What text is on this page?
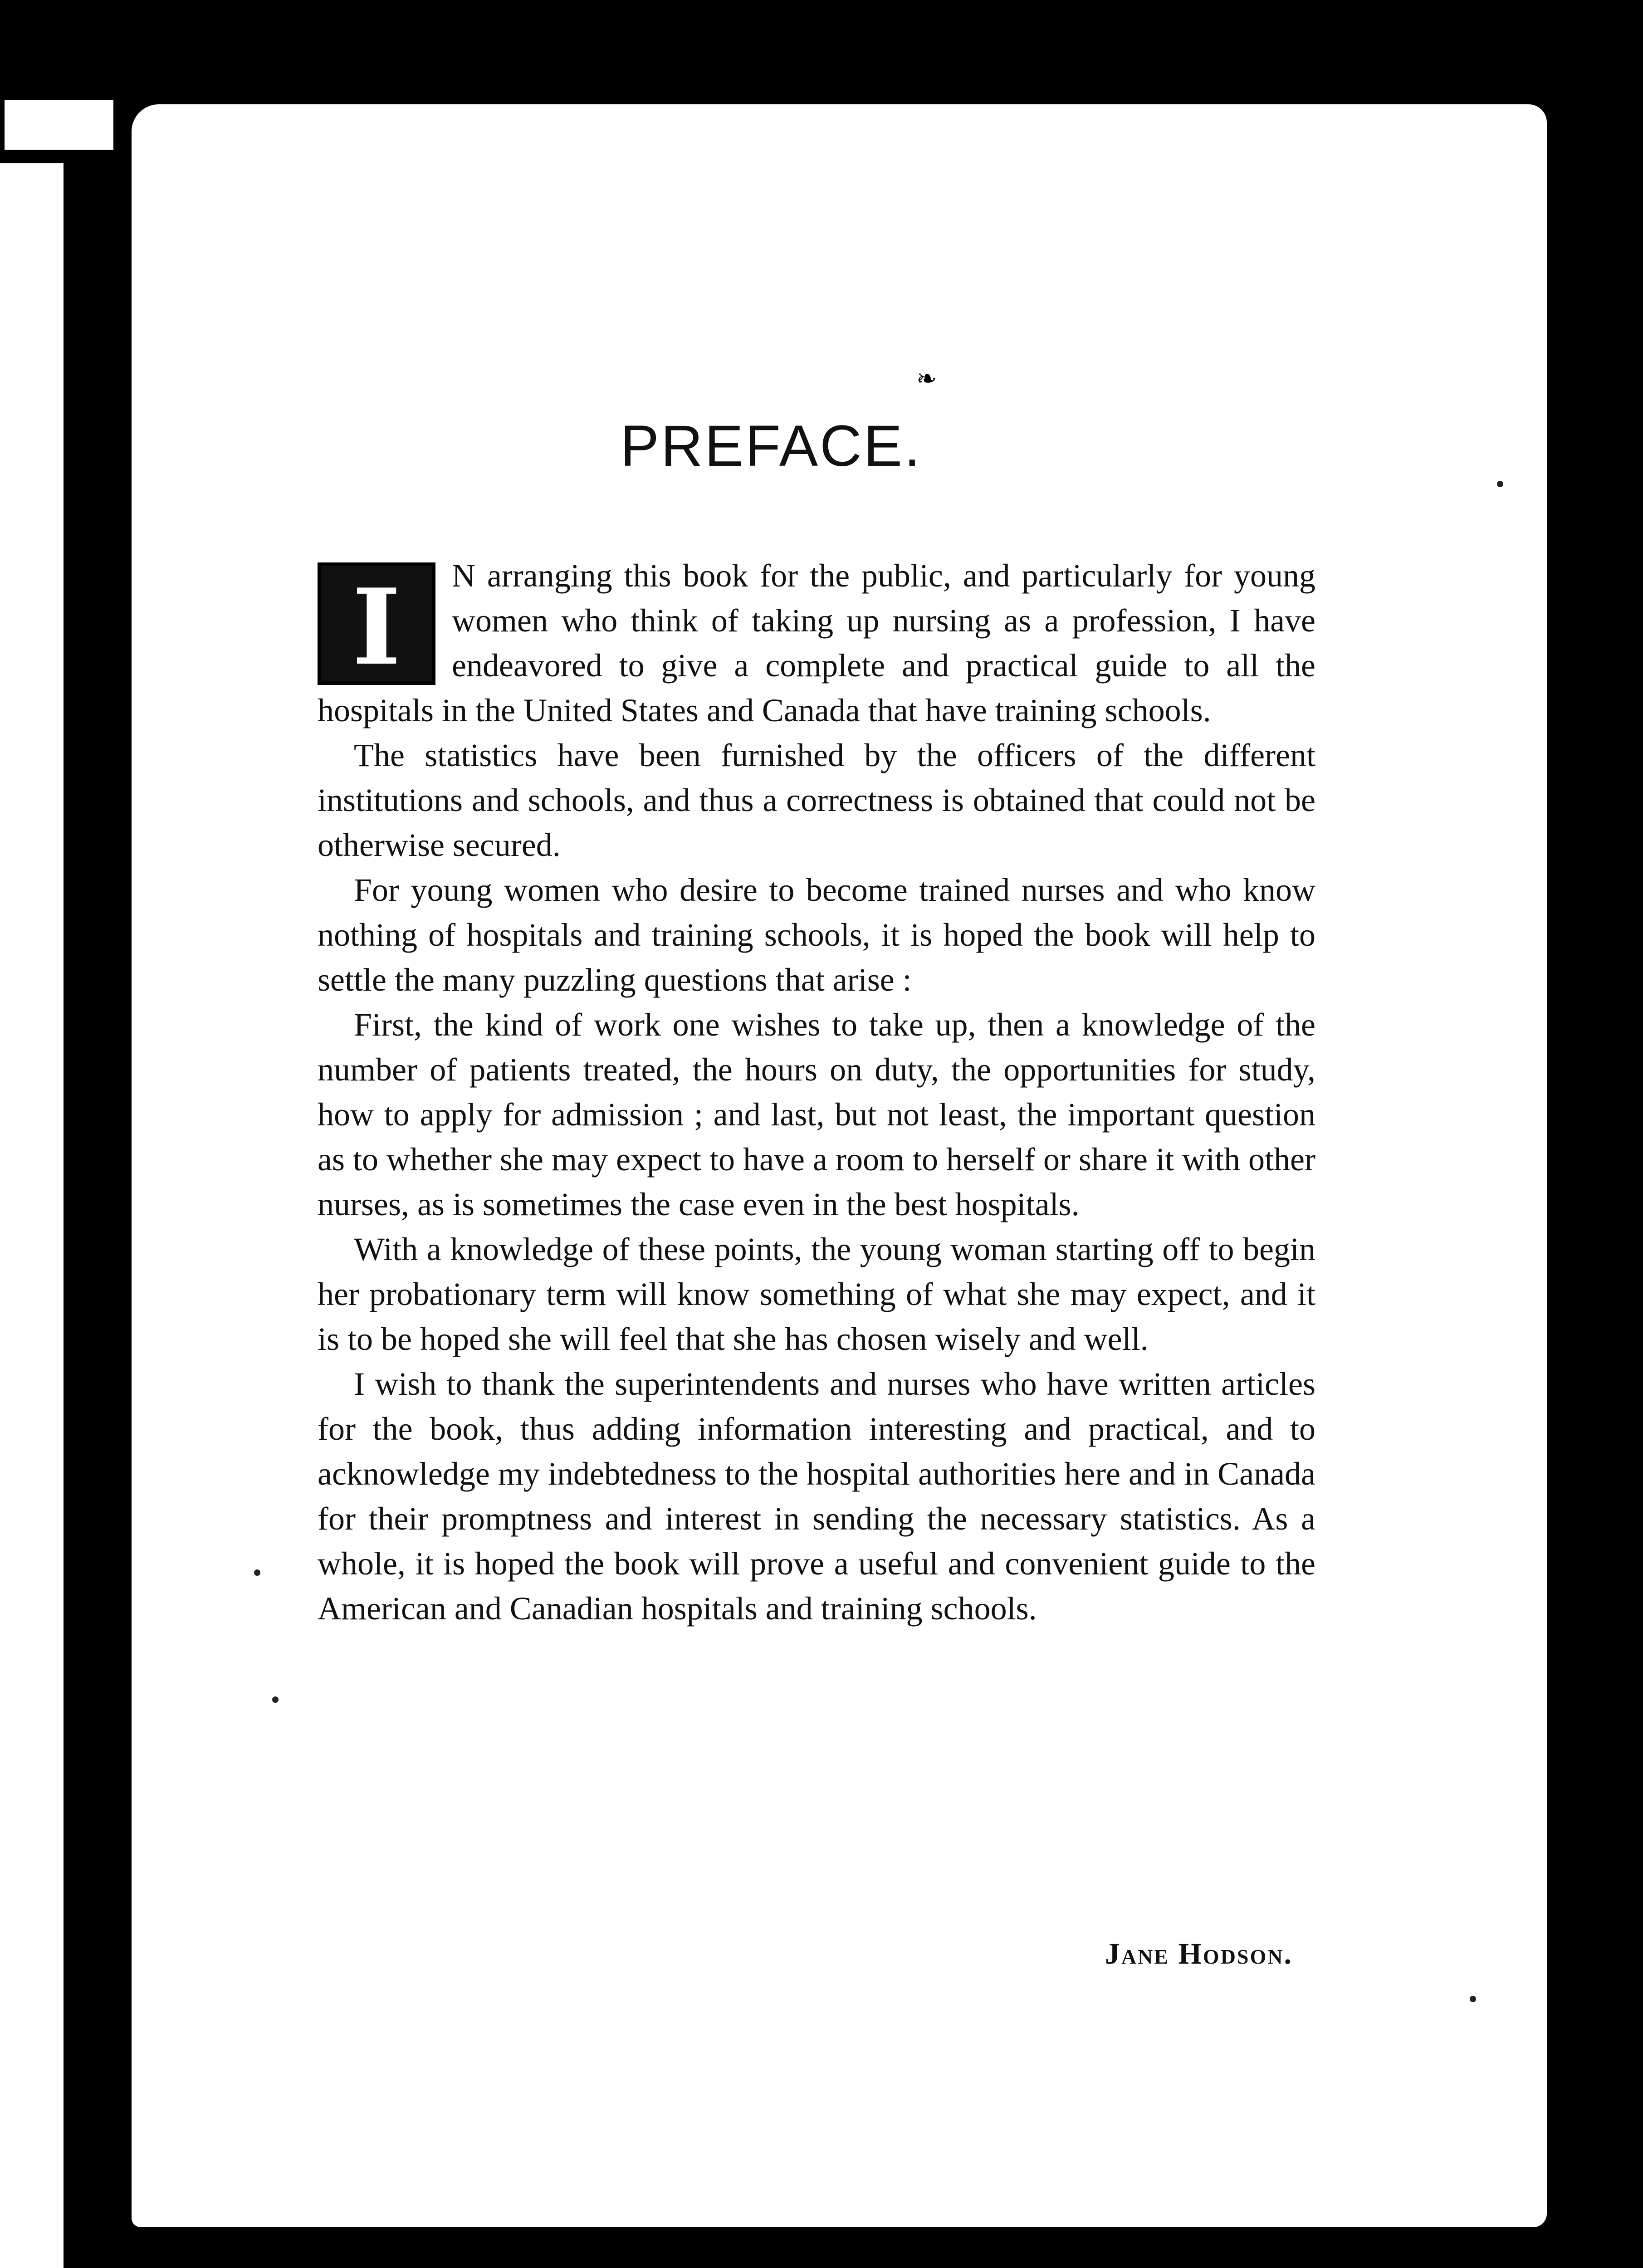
❧
PREFACE.

I	N arranging this book for the public, and particularly for young women who think of taking up nursing as a profession, I have endeavored to give a complete and practical guide to all the hospitals in the United States and Canada that have training schools.

The statistics have been furnished by the officers of the different institutions and schools, and thus a correctness is obtained that could not be otherwise secured.

For young women who desire to become trained nurses and who know nothing of hospitals and training schools, it is hoped the book will help to settle the many puzzling questions that arise :

First, the kind of work one wishes to take up, then a knowledge of the number of patients treated, the hours on duty, the opportunities for study, how to apply for admission ; and last, but not least, the important question as to whether she may expect to have a room to herself or share it with other nurses, as is sometimes the case even in the best hospitals.

With a knowledge of these points, the young woman starting off to begin her probationary term will know something of what she may expect, and it is to be hoped she will feel that she has chosen wisely and well.

I wish to thank the superintendents and nurses who have written articles for the book, thus adding information interesting and practical, and to acknowledge my indebtedness to the hospital authorities here and in Canada for their promptness and interest in sending the necessary statistics. As a whole, it is hoped the book will prove a useful and convenient guide to the American and Canadian hospitals and training schools.

Jane Hodson.
